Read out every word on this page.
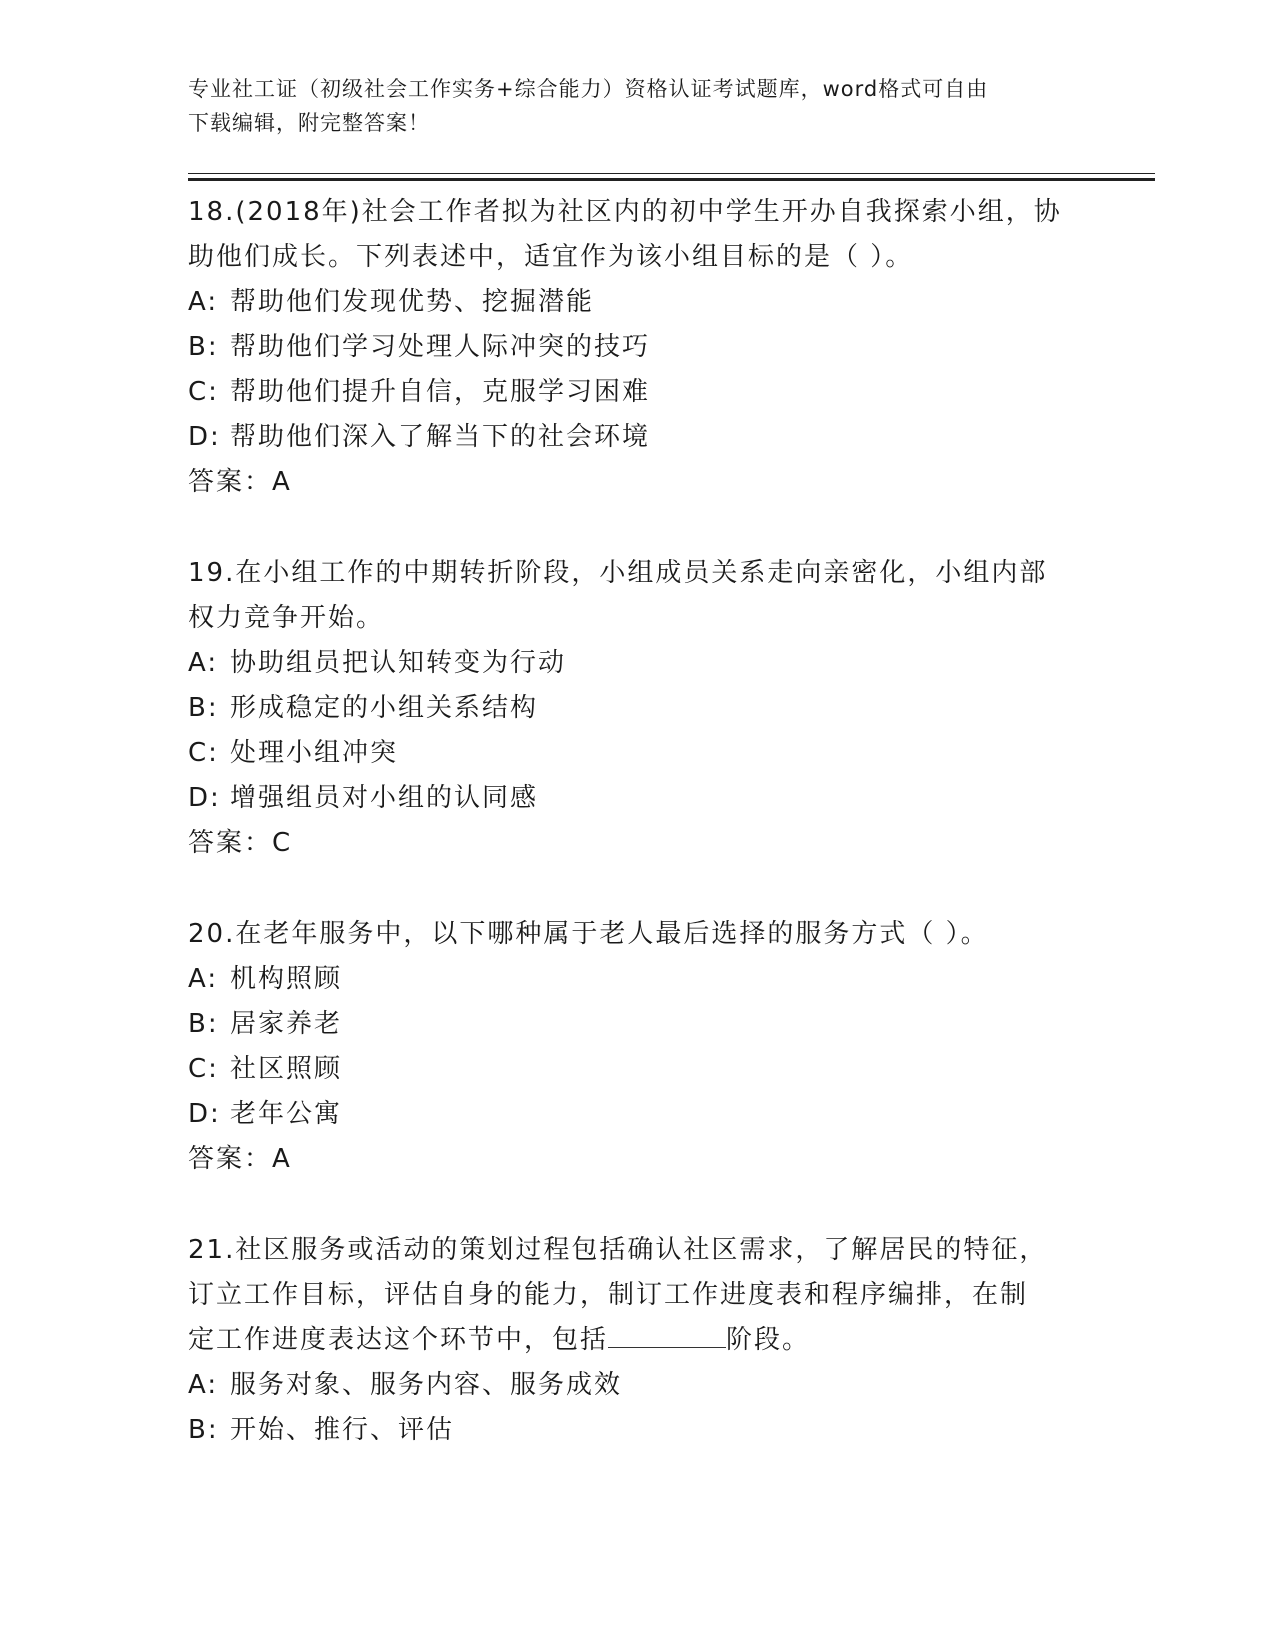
专业社工证（初级社会工作实务+综合能力）资格认证考试题库，word格式可自由
下载编辑，附完整答案！
18.(2018年)社会工作者拟为社区内的初中学生开办自我探索小组，协
助他们成长。下列表述中，适宜作为该小组目标的是（ ）。
A: 帮助他们发现优势、挖掘潜能
B: 帮助他们学习处理人际冲突的技巧
C: 帮助他们提升自信，克服学习困难
D: 帮助他们深入了解当下的社会环境
答案：A
19.在小组工作的中期转折阶段，小组成员关系走向亲密化，小组内部
权力竞争开始。
A: 协助组员把认知转变为行动
B: 形成稳定的小组关系结构
C: 处理小组冲突
D: 增强组员对小组的认同感
答案：C
20.在老年服务中，以下哪种属于老人最后选择的服务方式（ ）。
A: 机构照顾
B: 居家养老
C: 社区照顾
D: 老年公寓
答案：A
21.社区服务或活动的策划过程包括确认社区需求，了解居民的特征，
订立工作目标，评估自身的能力，制订工作进度表和程序编排，在制
定工作进度表达这个环节中，包括	阶段。
A: 服务对象、服务内容、服务成效
B: 开始、推行、评估
